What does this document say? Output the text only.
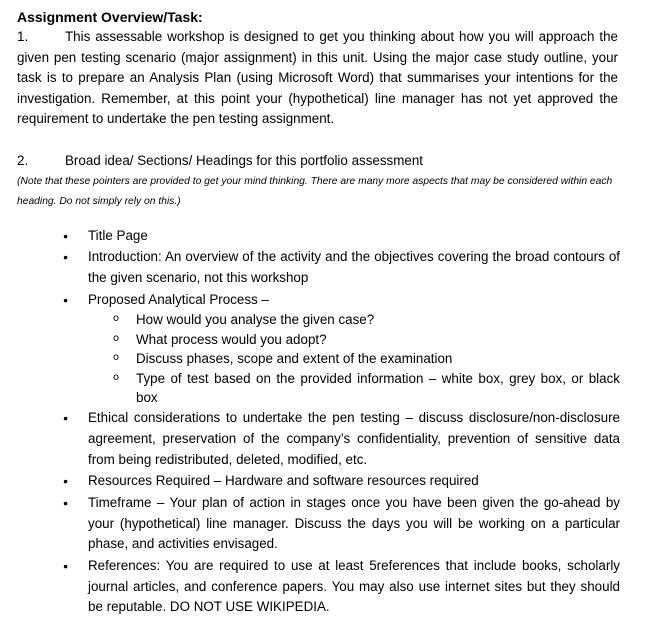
Assignment Overview/Task:
1.	This assessable workshop is designed to get you thinking about how you will approach the given pen testing scenario (major assignment) in this unit. Using the major case study outline, your task is to prepare an Analysis Plan (using Microsoft Word) that summarises your intentions for the investigation. Remember, at this point your (hypothetical) line manager has not yet approved the requirement to undertake the pen testing assignment.
2.	Broad idea/ Sections/ Headings for this portfolio assessment
(Note that these pointers are provided to get your mind thinking. There are many more aspects that may be considered within each heading. Do not simply rely on this.)
● Title Page
● Introduction: An overview of the activity and the objectives covering the broad contours of the given scenario, not this workshop
● Proposed Analytical Process –
o How would you analyse the given case?
o What process would you adopt?
o Discuss phases, scope and extent of the examination
o Type of test based on the provided information – white box, grey box, or black box
● Ethical considerations to undertake the pen testing – discuss disclosure/non-disclosure agreement, preservation of the company’s confidentiality, prevention of sensitive data from being redistributed, deleted, modified, etc.
● Resources Required – Hardware and software resources required
● Timeframe – Your plan of action in stages once you have been given the go-ahead by your (hypothetical) line manager. Discuss the days you will be working on a particular phase, and activities envisaged.
● References: You are required to use at least 5references that include books, scholarly journal articles, and conference papers. You may also use internet sites but they should be reputable. DO NOT USE WIKIPEDIA.
